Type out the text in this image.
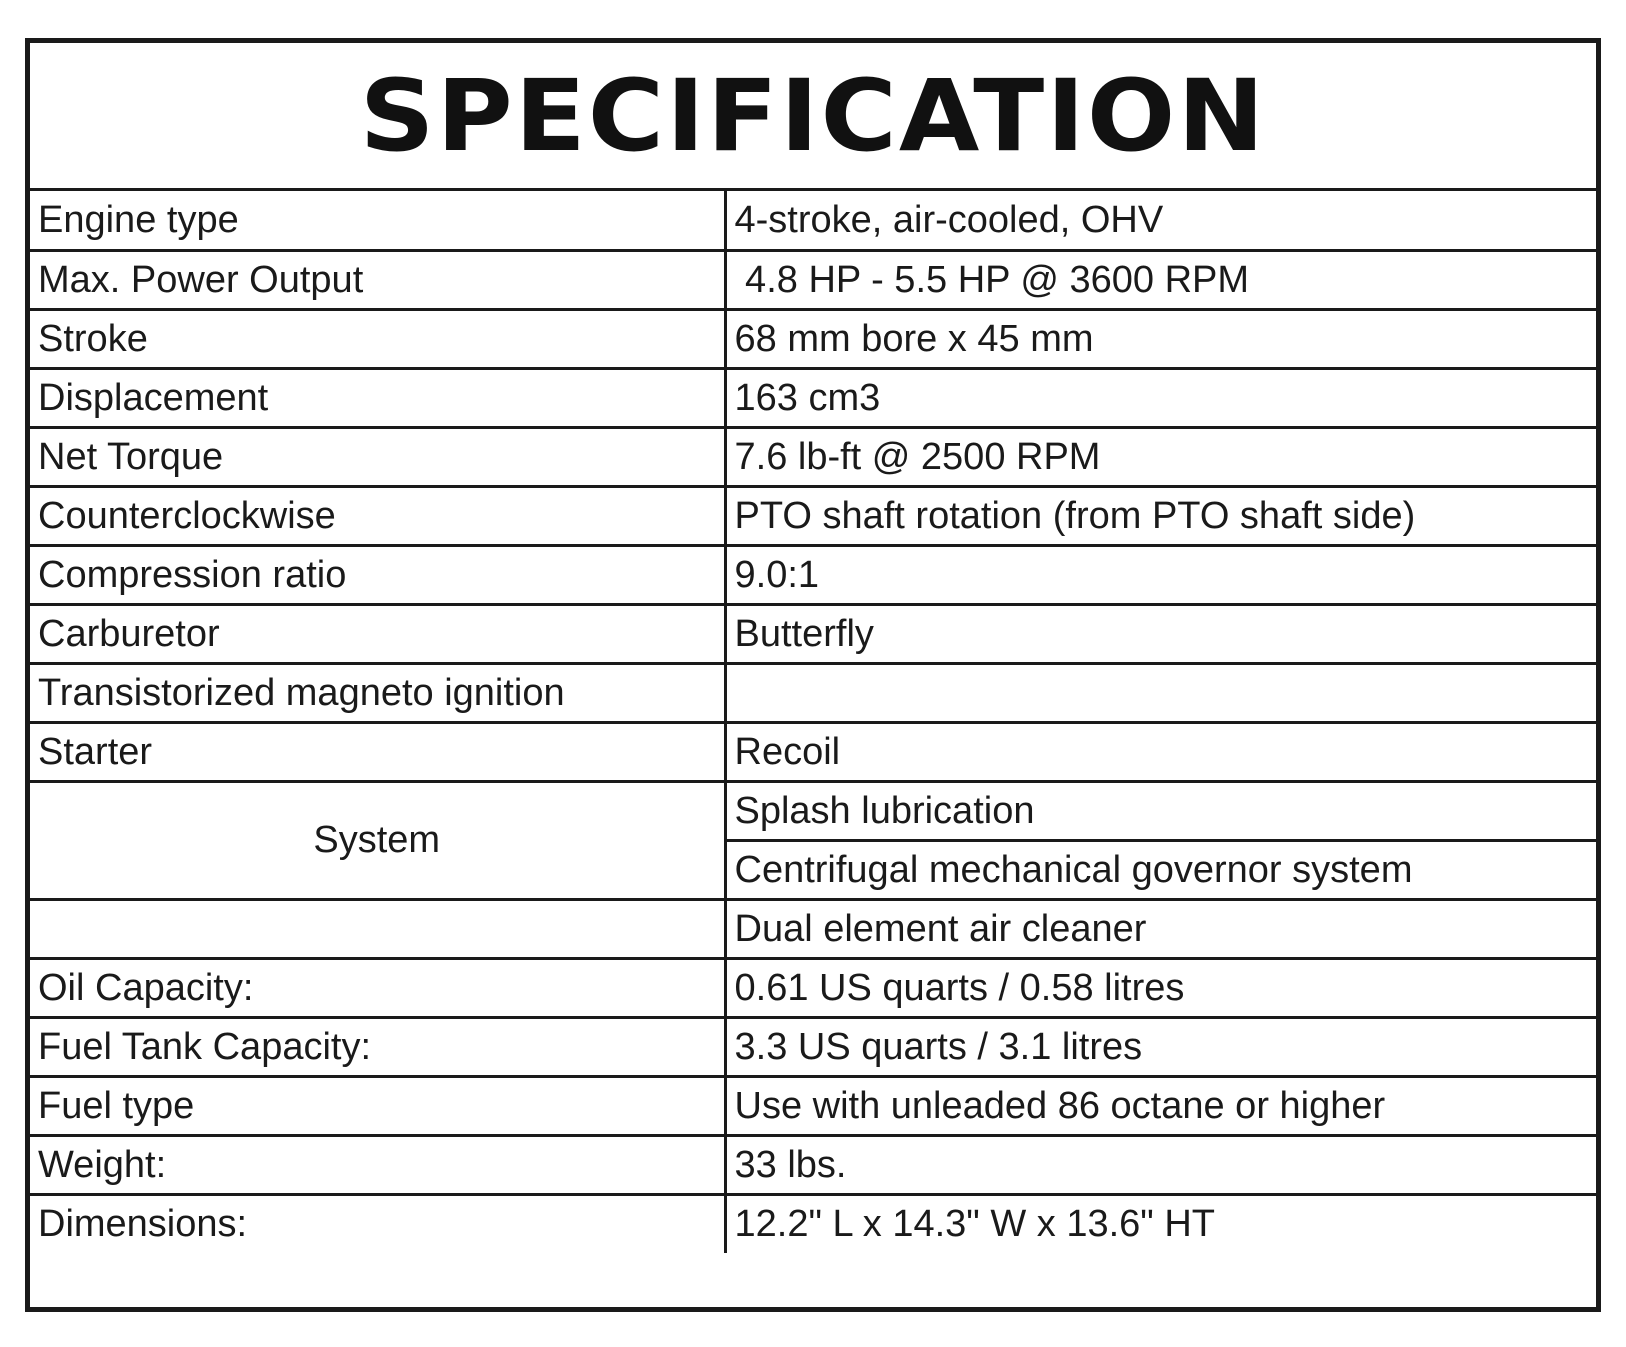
SPECIFICATION
Engine type	4-stroke, air-cooled, OHV
Max. Power Output	4.8 HP - 5.5 HP @ 3600 RPM
Stroke	68 mm bore x 45 mm
Displacement	163 cm3
Net Torque	7.6 lb-ft @ 2500 RPM
Counterclockwise	PTO shaft rotation (from PTO shaft side)
Compression ratio	9.0:1
Carburetor	Butterfly
Transistorized magneto ignition	
Starter	Recoil
System	Splash lubrication
	Centrifugal mechanical governor system
	Dual element air cleaner
Oil Capacity:	0.61 US quarts / 0.58 litres
Fuel Tank Capacity:	3.3 US quarts / 3.1 litres
Fuel type	Use with unleaded 86 octane or higher
Weight:	33 lbs.
Dimensions:	12.2" L x 14.3" W x 13.6" HT
